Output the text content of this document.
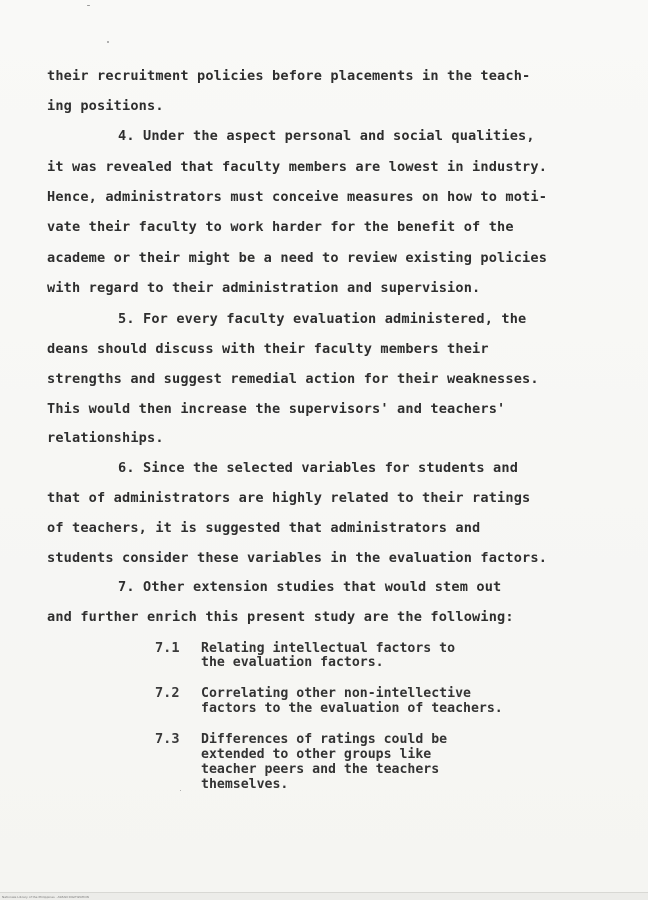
their recruitment policies before placements in the teach-
ing positions.
4. Under the aspect personal and social qualities,
it was revealed that faculty members are lowest in industry.
Hence, administrators must conceive measures on how to moti-
vate their faculty to work harder for the benefit of the
academe or their might be a need to review existing policies
with regard to their administration and supervision.
5. For every faculty evaluation administered, the
deans should discuss with their faculty members their
strengths and suggest remedial action for their weaknesses.
This would then increase the supervisors' and teachers'
relationships.
6. Since the selected variables for students and
that of administrators are highly related to their ratings
of teachers, it is suggested that administrators and
students consider these variables in the evaluation factors.
7. Other extension studies that would stem out
and further enrich this present study are the following:
7.1 Relating intellectual factors to
the evaluation factors.
7.2 Correlating other non-intellective
factors to the evaluation of teachers.
7.3 Differences of ratings could be
extended to other groups like
teacher peers and the teachers
themselves.
Nationale Library of the Philippines · ASEAN DIGITIZATION
